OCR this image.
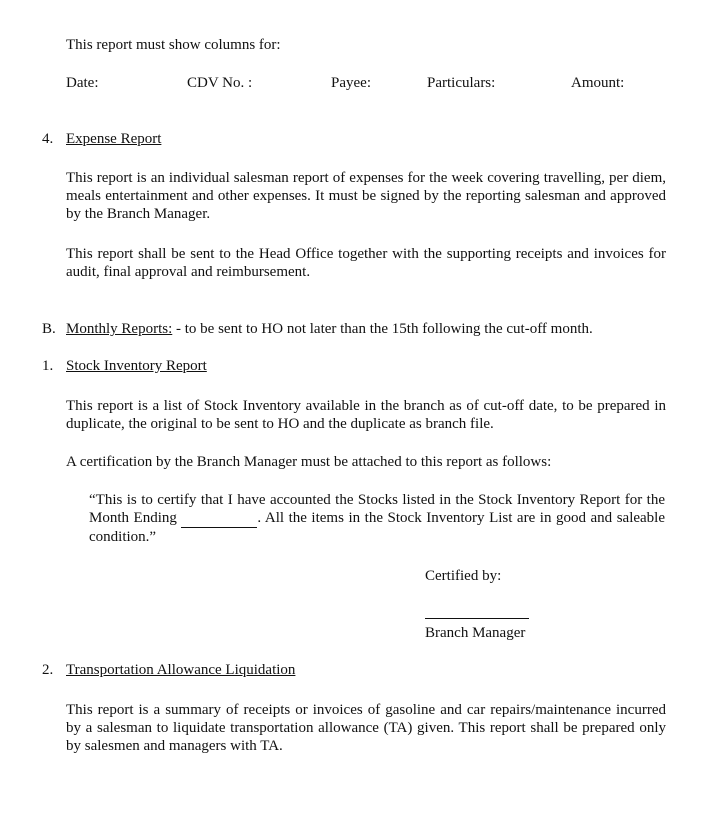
This report must show columns for:
Date:	CDV No. :	Payee:	Particulars:	Amount:
4. Expense Report
This report is an individual salesman report of expenses for the week covering travelling, per diem, meals entertainment and other expenses. It must be signed by the reporting salesman and approved by the Branch Manager.
This report shall be sent to the Head Office together with the supporting receipts and invoices for audit, final approval and reimbursement.
B. Monthly Reports: - to be sent to HO not later than the 15th following the cut-off month.
1. Stock Inventory Report
This report is a list of Stock Inventory available in the branch as of cut-off date, to be prepared in duplicate, the original to be sent to HO and the duplicate as branch file.
A certification by the Branch Manager must be attached to this report as follows:
“This is to certify that I have accounted the Stocks listed in the Stock Inventory Report for the Month Ending	. All the items in the Stock Inventory List are in good and saleable condition.”
Certified by:
Branch Manager
2. Transportation Allowance Liquidation
This report is a summary of receipts or invoices of gasoline and car repairs/maintenance incurred by a salesman to liquidate transportation allowance (TA) given. This report shall be prepared only by salesmen and managers with TA.
